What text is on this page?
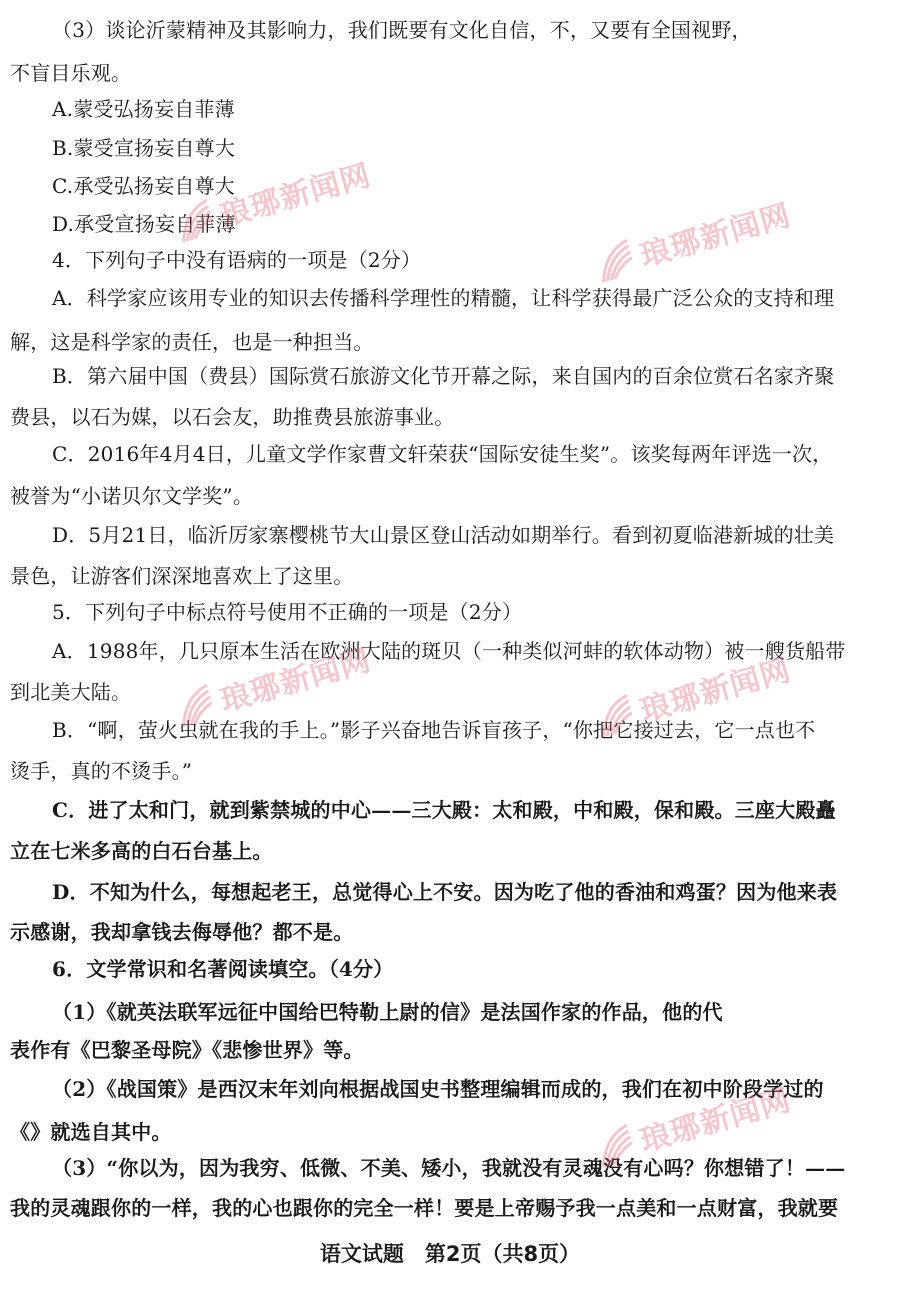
（3）谈论沂蒙精神及其影响力，我们既要有文化自信，不，又要有全国视野，
不盲目乐观。
A.蒙受弘扬妄自菲薄
B.蒙受宣扬妄自尊大
C.承受弘扬妄自尊大
D.承受宣扬妄自菲薄
4．下列句子中没有语病的一项是（2分）
A．科学家应该用专业的知识去传播科学理性的精髓，让科学获得最广泛公众的支持和理
解，这是科学家的责任，也是一种担当。
B．第六届中国（费县）国际赏石旅游文化节开幕之际，来自国内的百余位赏石名家齐聚
费县，以石为媒，以石会友，助推费县旅游事业。
C．2016年4月4日，儿童文学作家曹文轩荣获“国际安徒生奖”。该奖每两年评选一次，
被誉为“小诺贝尔文学奖”。
D．5月21日，临沂厉家寨樱桃节大山景区登山活动如期举行。看到初夏临港新城的壮美
景色，让游客们深深地喜欢上了这里。
5．下列句子中标点符号使用不正确的一项是（2分）
A．1988年，几只原本生活在欧洲大陆的斑贝（一种类似河蚌的软体动物）被一艘货船带
到北美大陆。
B．“啊，萤火虫就在我的手上。”影子兴奋地告诉盲孩子，“你把它接过去，它一点也不
烫手，真的不烫手。”
C．进了太和门，就到紫禁城的中心——三大殿：太和殿，中和殿，保和殿。三座大殿矗
立在七米多高的白石台基上。
D．不知为什么，每想起老王，总觉得心上不安。因为吃了他的香油和鸡蛋？因为他来表
示感谢，我却拿钱去侮辱他？都不是。
6．文学常识和名著阅读填空。（4分）
（1）《就英法联军远征中国给巴特勒上尉的信》是法国作家的作品，他的代
表作有《巴黎圣母院》《悲惨世界》等。
（2）《战国策》是西汉末年刘向根据战国史书整理编辑而成的，我们在初中阶段学过的
《》就选自其中。
（3）“你以为，因为我穷、低微、不美、矮小，我就没有灵魂没有心吗？你想错了！——
我的灵魂跟你的一样，我的心也跟你的完全一样！要是上帝赐予我一点美和一点财富，我就要
语文试题　第2页（共8页）
琅琊新闻网
琅琊新闻网
琅琊新闻网	琅琊新闻网
琅琊新闻网
